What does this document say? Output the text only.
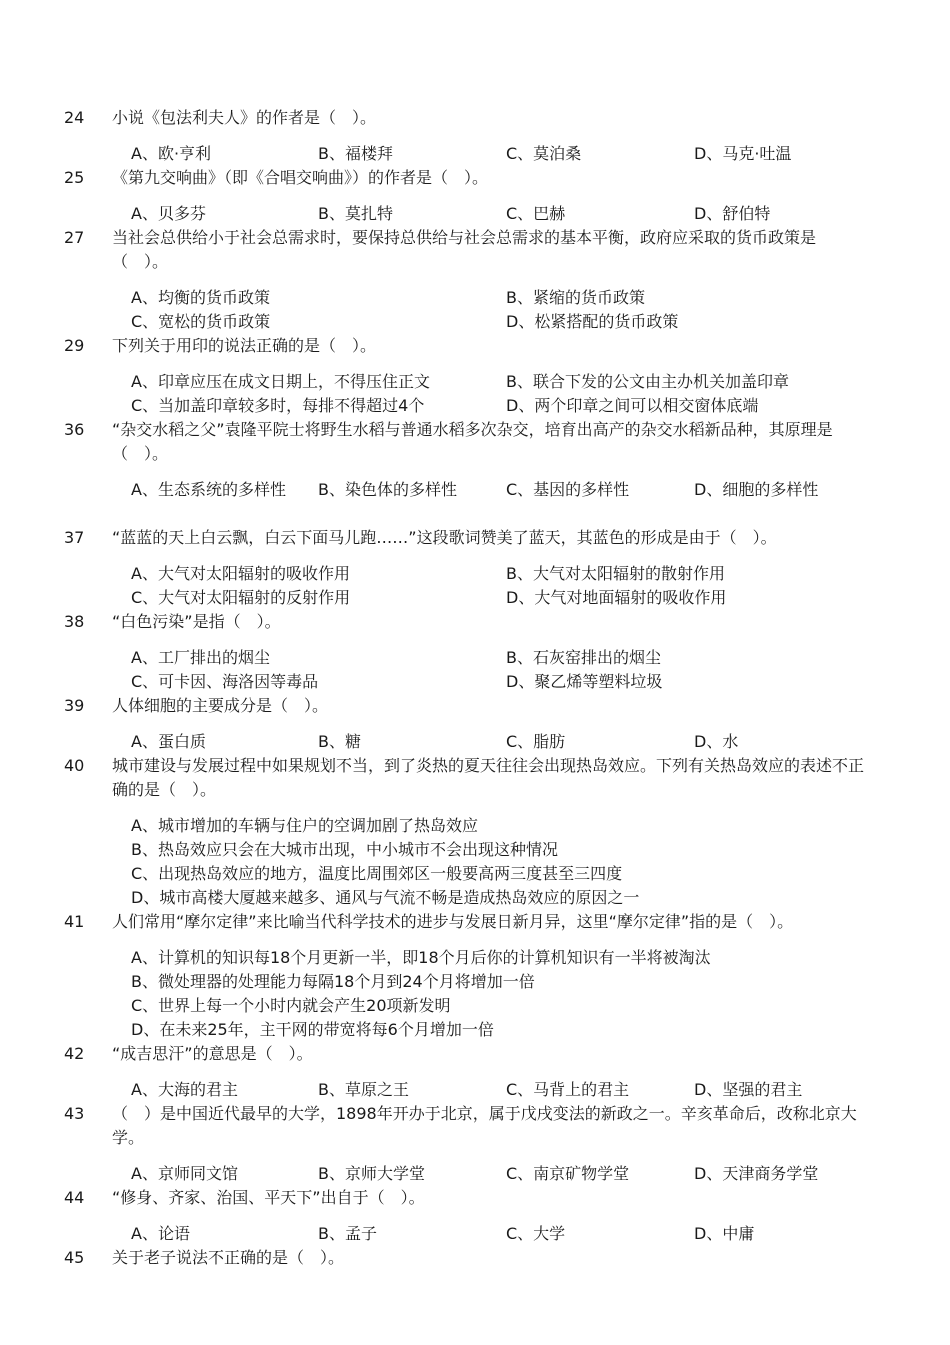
24 小说《包法利夫人》的作者是（　）。
A、欧·亨利	B、福楼拜	C、莫泊桑	D、马克·吐温
25 《第九交响曲》（即《合唱交响曲》）的作者是（　）。
A、贝多芬	B、莫扎特	C、巴赫	D、舒伯特
27 当社会总供给小于社会总需求时，要保持总供给与社会总需求的基本平衡，政府应采取的货币政策是（　）。
A、均衡的货币政策	B、紧缩的货币政策
C、宽松的货币政策	D、松紧搭配的货币政策
29 下列关于用印的说法正确的是（　）。
A、印章应压在成文日期上，不得压住正文	B、联合下发的公文由主办机关加盖印章
C、当加盖印章较多时，每排不得超过4个	D、两个印章之间可以相交窗体底端
36 “杂交水稻之父”袁隆平院士将野生水稻与普通水稻多次杂交，培育出高产的杂交水稻新品种，其原理是（　）。
A、生态系统的多样性	B、染色体的多样性	C、基因的多样性	D、细胞的多样性
37 “蓝蓝的天上白云飘，白云下面马儿跑……”这段歌词赞美了蓝天，其蓝色的形成是由于（　）。
A、大气对太阳辐射的吸收作用	B、大气对太阳辐射的散射作用
C、大气对太阳辐射的反射作用	D、大气对地面辐射的吸收作用
38 “白色污染”是指（　）。
A、工厂排出的烟尘	B、石灰窑排出的烟尘
C、可卡因、海洛因等毒品	D、聚乙烯等塑料垃圾
39 人体细胞的主要成分是（　）。
A、蛋白质	B、糖	C、脂肪	D、水
40 城市建设与发展过程中如果规划不当，到了炎热的夏天往往会出现热岛效应。下列有关热岛效应的表述不正确的是（　）。
A、城市增加的车辆与住户的空调加剧了热岛效应
B、热岛效应只会在大城市出现，中小城市不会出现这种情况
C、出现热岛效应的地方，温度比周围郊区一般要高两三度甚至三四度
D、城市高楼大厦越来越多、通风与气流不畅是造成热岛效应的原因之一
41 人们常用“摩尔定律”来比喻当代科学技术的进步与发展日新月异，这里“摩尔定律”指的是（　）。
A、计算机的知识每18个月更新一半，即18个月后你的计算机知识有一半将被淘汰
B、微处理器的处理能力每隔18个月到24个月将增加一倍
C、世界上每一个小时内就会产生20项新发明
D、在未来25年，主干网的带宽将每6个月增加一倍
42 “成吉思汗”的意思是（　）。
A、大海的君主	B、草原之王	C、马背上的君主	D、坚强的君主
43 （　）是中国近代最早的大学，1898年开办于北京，属于戊戌变法的新政之一。辛亥革命后，改称北京大学。
A、京师同文馆	B、京师大学堂	C、南京矿物学堂	D、天津商务学堂
44 “修身、齐家、治国、平天下”出自于（　）。
A、论语	B、孟子	C、大学	D、中庸
45 关于老子说法不正确的是（　）。
